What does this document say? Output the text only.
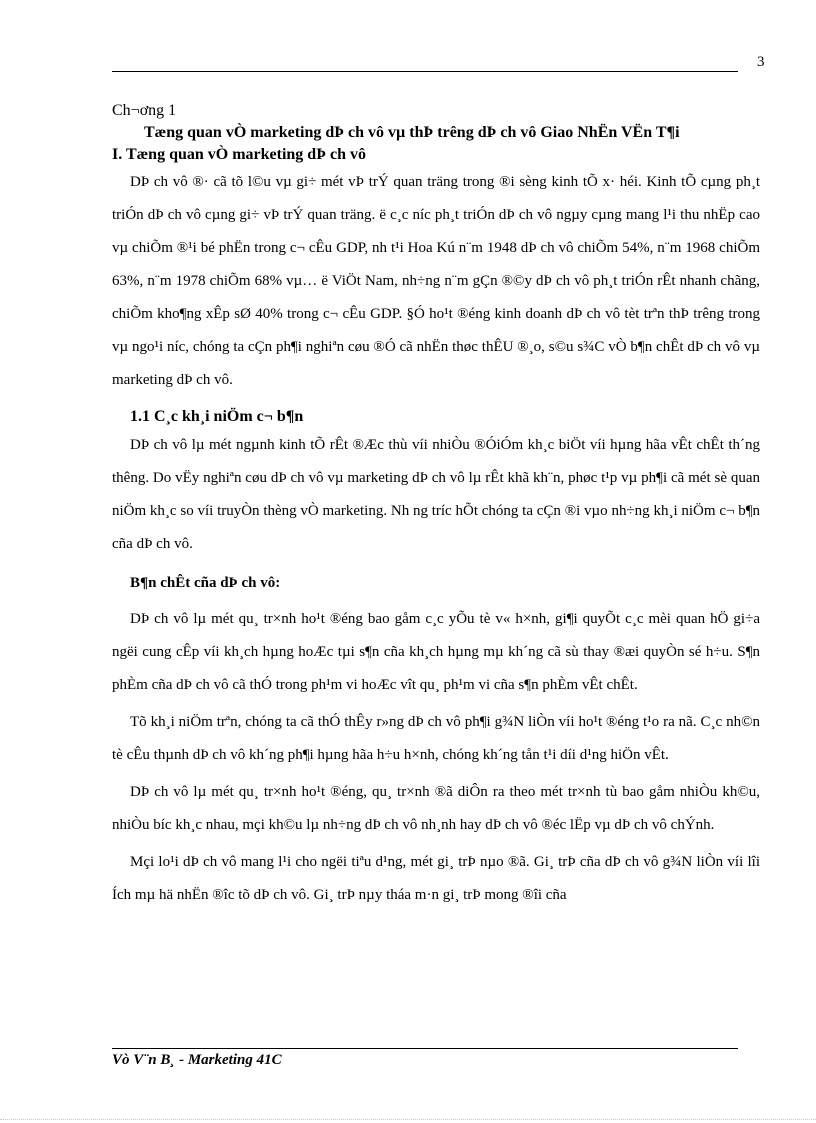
3

Ch¬ơng 1

Tæng quan vÒ marketing dÞ ch vô vµ thÞ trêng dÞ ch vô Giao NhËn VËn T¶i

I. Tæng quan vÒ marketing dÞ ch vô

DÞ ch vô ®· cã tõ l©u vµ gi÷ mét vÞ trÝ quan träng trong ®i sèng kinh tÕ x· héi. Kinh tÕ cµng ph¸t triÓn dÞ ch vô cµng gi÷ vÞ trÝ quan träng. ë c¸c níc ph¸t triÓn dÞ ch vô ngµy cµng mang l¹i thu nhËp cao vµ chiÕm ®¹i bé phËn trong c¬ cÊu GDP, nh t¹i Hoa Kú n¨m 1948 dÞ ch vô chiÕm 54%, n¨m 1968 chiÕm 63%, n¨m 1978 chiÕm 68% vµ… ë ViÖt Nam, nh÷ng n¨m gÇn ®©y dÞ ch vô ph¸t triÓn rÊt nhanh chãng, chiÕm kho¶ng xÊp sØ 40% trong c¬ cÊu GDP. §Ó ho¹t ®éng kinh doanh dÞ ch vô tèt trªn thÞ trêng trong vµ ngo¹i níc, chóng ta cÇn ph¶i nghiªn cøu ®Ó cã nhËn thøc thÊU ®¸o, s©u s¾C vÒ b¶n chÊt dÞ ch vô vµ marketing dÞ ch vô.

1.1 C¸c kh¸i niÖm c¬ b¶n

DÞ ch vô lµ mét ngµnh kinh tÕ rÊt ®Æc thù víi nhiÒu ®ÓiÓm kh¸c biÖt víi hµng hãa vÊt chÊt th´ng thêng. Do vËy nghiªn cøu dÞ ch vô vµ marketing dÞ ch vô lµ rÊt khã kh¨n, phøc t¹p vµ ph¶i cã mét sè quan niÖm kh¸c so víi truyÒn thèng vÒ marketing. Nh ng tríc hÕt chóng ta cÇn ®i vµo nh÷ng kh¸i niÖm c¬ b¶n cña dÞ ch vô.

B¶n chÊt cña dÞ ch vô:

DÞ ch vô lµ mét qu¸ tr×nh ho¹t ®éng bao gåm c¸c yÕu tè v« h×nh, gi¶i quyÕt c¸c mèi quan hÖ gi÷a ngëi cung cÊp víi kh¸ch hµng hoÆc tµi s¶n cña kh¸ch hµng mµ kh´ng cã sù thay ®æi quyÒn sé h÷u. S¶n phÈm cña dÞ ch vô cã thÓ trong ph¹m vi hoÆc vît qu¸ ph¹m vi cña s¶n phÈm vÊt chÊt.

Tõ kh¸i niÖm trªn, chóng ta cã thÓ thÊy r»ng dÞ ch vô ph¶i g¾N liÒn víi ho¹t ®éng t¹o ra nã. C¸c nh©n tè cÊu thµnh dÞ ch vô kh´ng ph¶i hµng hãa h÷u h×nh, chóng kh´ng tån t¹i díi d¹ng hiÖn vÊt.

DÞ ch vô lµ mét qu¸ tr×nh ho¹t ®éng, qu¸ tr×nh ®ã diÔn ra theo mét tr×nh tù bao gåm nhiÒu kh©u, nhiÒu bíc kh¸c nhau, mçi kh©u lµ nh÷ng dÞ ch vô nh¸nh hay dÞ ch vô ®éc lËp vµ dÞ ch vô chÝnh.

Mçi lo¹i dÞ ch vô mang l¹i cho ngëi tiªu d¹ng, mét gi¸ trÞ nµo ®ã. Gi¸ trÞ cña dÞ ch vô g¾N liÒn víi lîi Ích mµ hä nhËn ®îc tõ dÞ ch vô. Gi¸ trÞ nµy tháa m·n gi¸ trÞ mong ®îi cña

Vò V¨n B¸ - Marketing 41C
